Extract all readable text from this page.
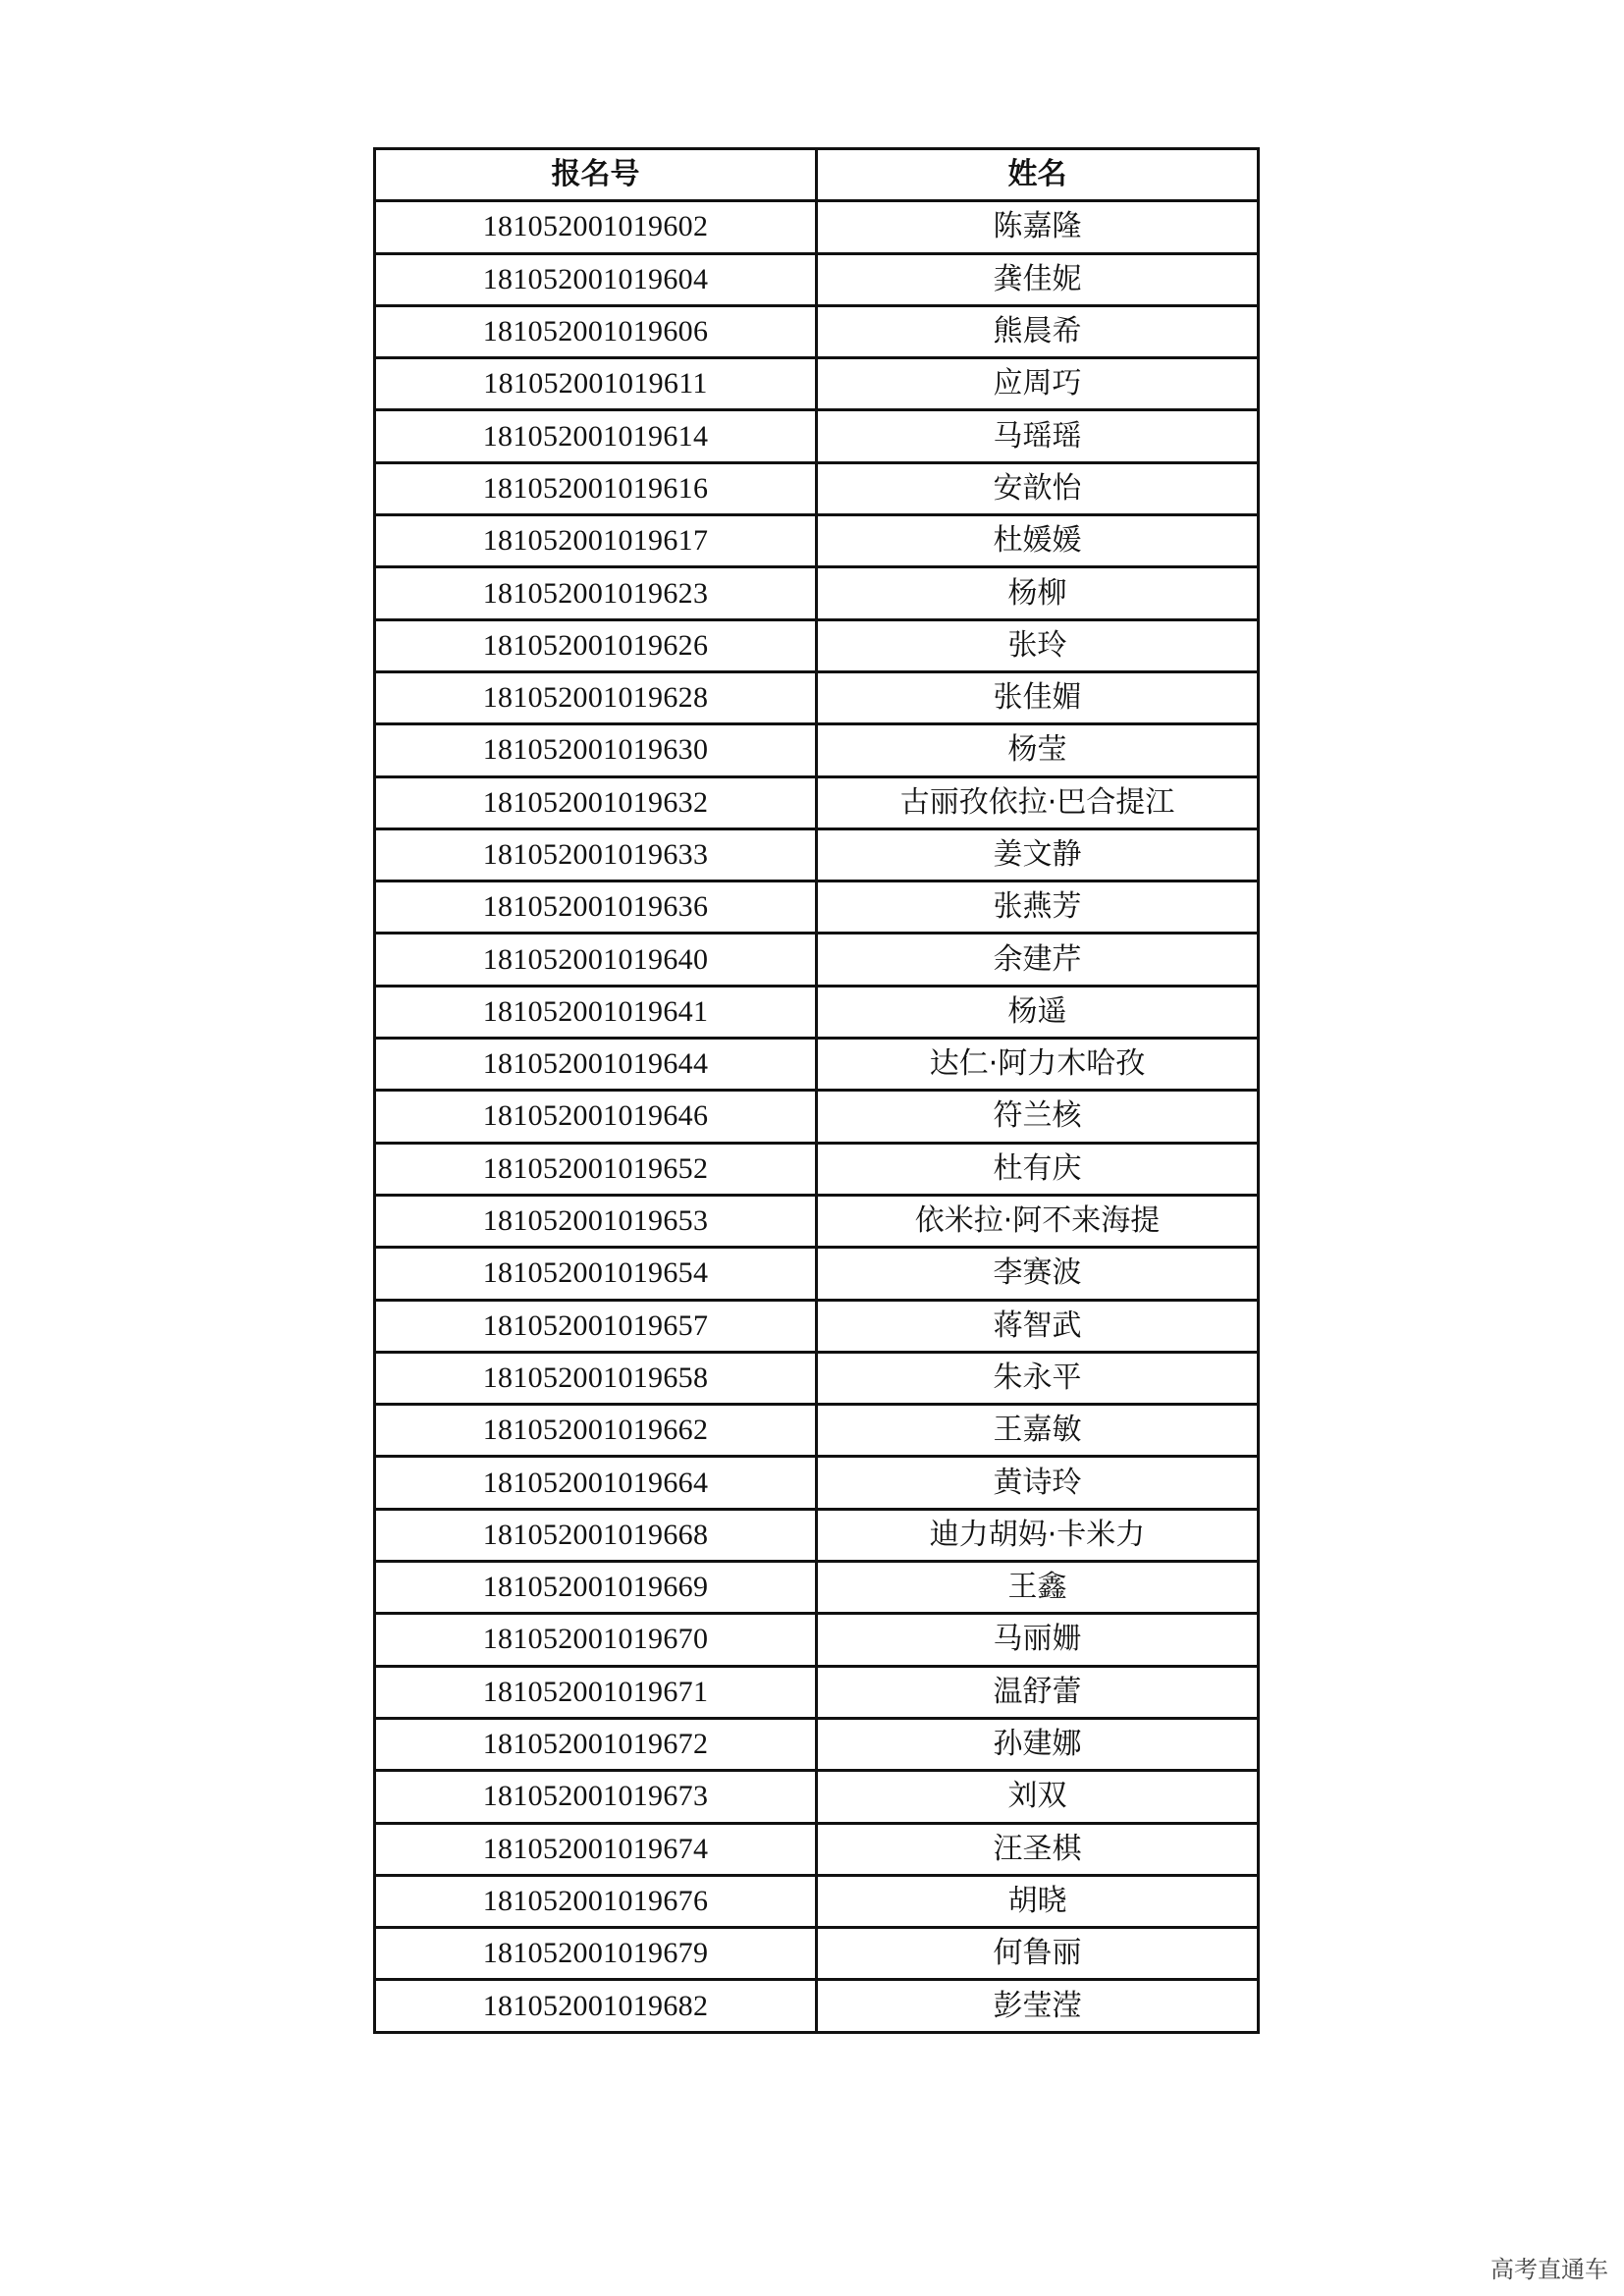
报名号	姓名
181052001019602	陈嘉隆
181052001019604	龚佳妮
181052001019606	熊晨希
181052001019611	应周巧
181052001019614	马瑶瑶
181052001019616	安歆怡
181052001019617	杜媛媛
181052001019623	杨柳
181052001019626	张玲
181052001019628	张佳媚
181052001019630	杨莹
181052001019632	古丽孜依拉·巴合提江
181052001019633	姜文静
181052001019636	张燕芳
181052001019640	余建芹
181052001019641	杨遥
181052001019644	达仁·阿力木哈孜
181052001019646	符兰核
181052001019652	杜有庆
181052001019653	依米拉·阿不来海提
181052001019654	李赛波
181052001019657	蒋智武
181052001019658	朱永平
181052001019662	王嘉敏
181052001019664	黄诗玲
181052001019668	迪力胡妈·卡米力
181052001019669	王鑫
181052001019670	马丽姗
181052001019671	温舒蕾
181052001019672	孙建娜
181052001019673	刘双
181052001019674	汪圣棋
181052001019676	胡晓
181052001019679	何鲁丽
181052001019682	彭莹滢
高考直通车
